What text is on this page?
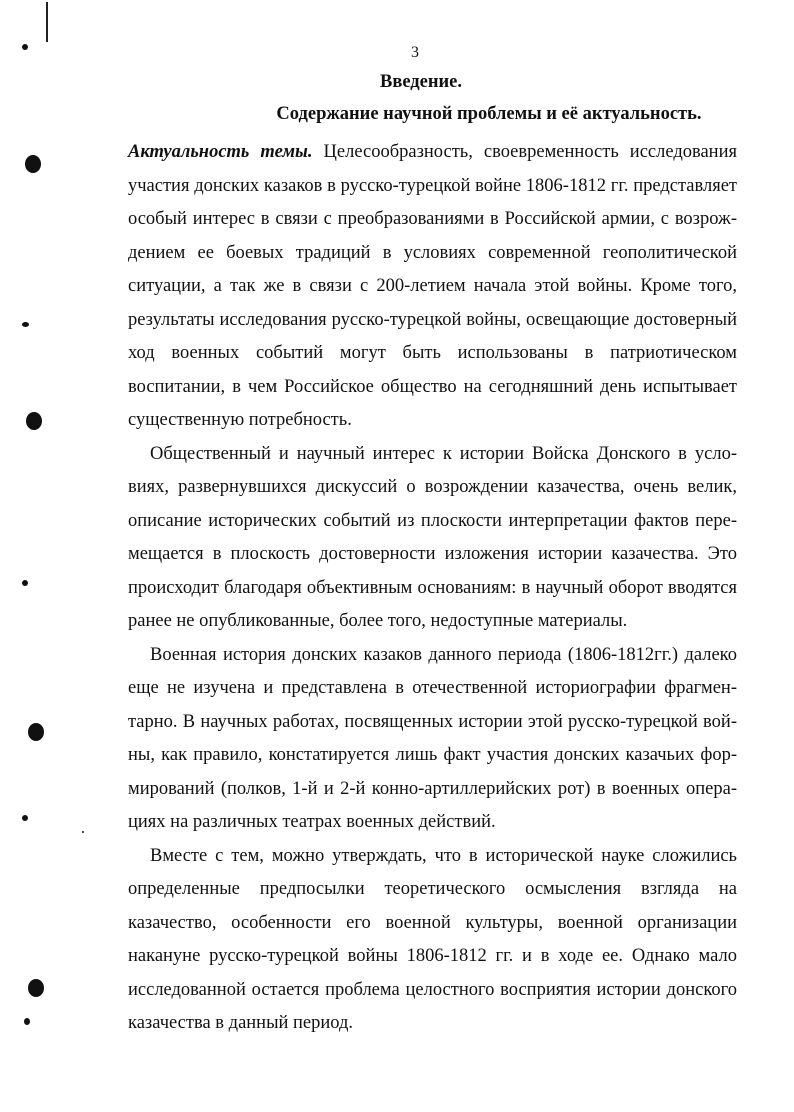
3
Введение.
Содержание научной проблемы и её актуальность.

Актуальность темы. Целесообразность, своевременность исследования участия донских казаков в русско-турецкой войне 1806-1812 гг. представляет особый интерес в связи с преобразованиями в Российской армии, с возрождением ее боевых традиций в условиях современной геополитической ситуации, а так же в связи с 200-летием начала этой войны. Кроме того, результаты исследования русско-турецкой войны, освещающие достоверный ход военных событий могут быть использованы в патриотическом воспитании, в чем Российское общество на сегодняшний день испытывает существенную потребность.

Общественный и научный интерес к истории Войска Донского в условиях, развернувшихся дискуссий о возрождении казачества, очень велик, описание исторических событий из плоскости интерпретации фактов перемещается в плоскость достоверности изложения истории казачества. Это происходит благодаря объективным основаниям: в научный оборот вводятся ранее не опубликованные, более того, недоступные материалы.

Военная история донских казаков данного периода (1806-1812гг.) далеко еще не изучена и представлена в отечественной историографии фрагментарно. В научных работах, посвященных истории этой русско-турецкой войны, как правило, констатируется лишь факт участия донских казачьих формирований (полков, 1-й и 2-й конно-артиллерийских рот) в военных операциях на различных театрах военных действий.

Вместе с тем, можно утверждать, что в исторической науке сложились определенные предпосылки теоретического осмысления взгляда на казачество, особенности его военной культуры, военной организации накануне русско-турецкой войны 1806-1812 гг. и в ходе ее. Однако мало исследованной остается проблема целостного восприятия истории донского казачества в данный период.
